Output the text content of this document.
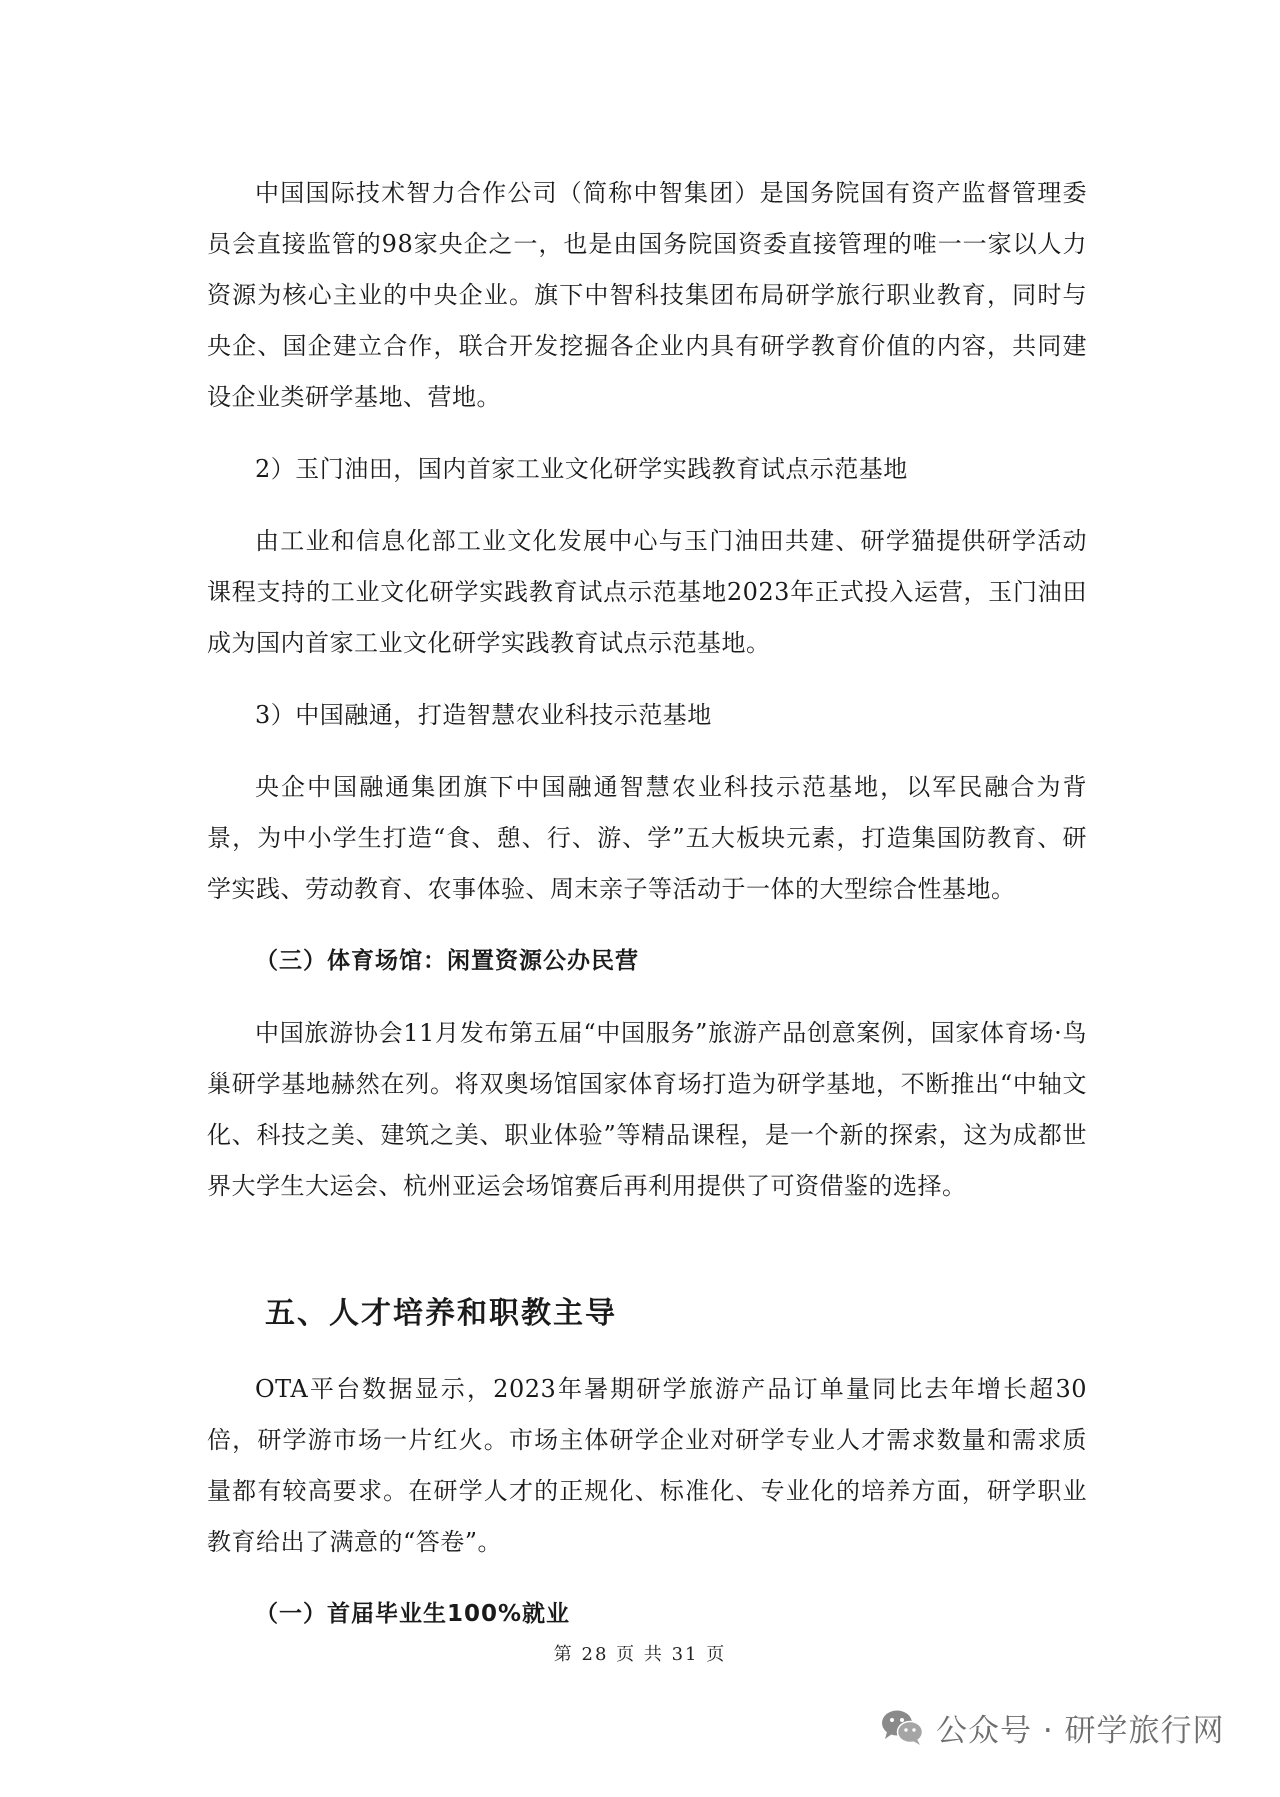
中国国际技术智力合作公司（简称中智集团）是国务院国有资产监督管理委员会直接监管的98家央企之一，也是由国务院国资委直接管理的唯一一家以人力资源为核心主业的中央企业。旗下中智科技集团布局研学旅行职业教育，同时与央企、国企建立合作，联合开发挖掘各企业内具有研学教育价值的内容，共同建设企业类研学基地、营地。

2）玉门油田，国内首家工业文化研学实践教育试点示范基地

由工业和信息化部工业文化发展中心与玉门油田共建、研学猫提供研学活动课程支持的工业文化研学实践教育试点示范基地2023年正式投入运营，玉门油田成为国内首家工业文化研学实践教育试点示范基地。

3）中国融通，打造智慧农业科技示范基地

央企中国融通集团旗下中国融通智慧农业科技示范基地，以军民融合为背景，为中小学生打造“食、憩、行、游、学”五大板块元素，打造集国防教育、研学实践、劳动教育、农事体验、周末亲子等活动于一体的大型综合性基地。

（三）体育场馆：闲置资源公办民营

中国旅游协会11月发布第五届“中国服务”旅游产品创意案例，国家体育场·鸟巢研学基地赫然在列。将双奥场馆国家体育场打造为研学基地，不断推出“中轴文化、科技之美、建筑之美、职业体验”等精品课程，是一个新的探索，这为成都世界大学生大运会、杭州亚运会场馆赛后再利用提供了可资借鉴的选择。

五、人才培养和职教主导

OTA平台数据显示，2023年暑期研学旅游产品订单量同比去年增长超30倍，研学游市场一片红火。市场主体研学企业对研学专业人才需求数量和需求质量都有较高要求。在研学人才的正规化、标准化、专业化的培养方面，研学职业教育给出了满意的“答卷”。

（一）首届毕业生100%就业

第 28 页 共 31 页
公众号 · 研学旅行网
